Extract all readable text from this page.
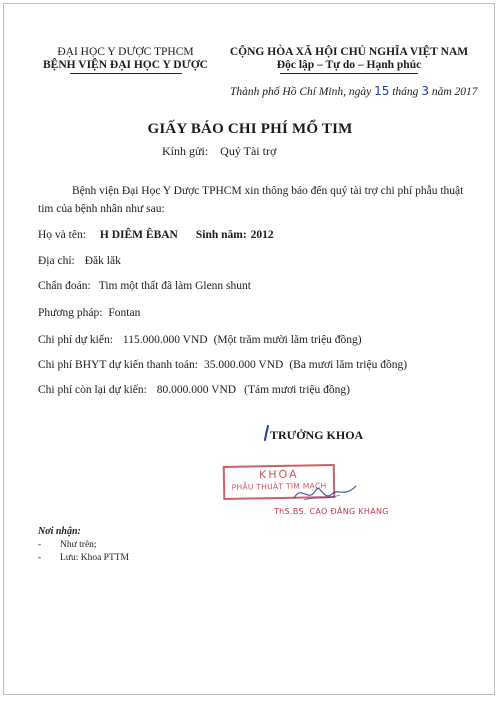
ĐẠI HỌC Y DƯỢC TPHCM
BỆNH VIỆN ĐẠI HỌC Y DƯỢC
CỘNG HÒA XÃ HỘI CHỦ NGHĨA VIỆT NAM
Độc lập – Tự do – Hạnh phúc
Thành phố Hồ Chí Minh, ngày 15 tháng 3 năm 2017
GIẤY BÁO CHI PHÍ MỔ TIM
Kính gửi: Quý Tài trợ
Bệnh viện Đại Học Y Dược TPHCM xin thông báo đến quý tài trợ chi phí phẫu thuật tim của bệnh nhân như sau:
Họ và tên: H DIÊM ÊBAN Sinh năm: 2012
Địa chỉ: Đăk lăk
Chẩn đoán: Tim một thất đã làm Glenn shunt
Phương pháp: Fontan
Chi phí dự kiến: 115.000.000 VND (Một trăm mười lăm triệu đồng)
Chi phí BHYT dự kiến thanh toán: 35.000.000 VND (Ba mươi lăm triệu đồng)
Chi phí còn lại dự kiến: 80.000.000 VND (Tám mươi triệu đồng)
TRƯỞNG KHOA
KHOA
PHẪU THUẬT TIM MẠCH
ThS.BS. CAO ĐĂNG KHANG
Nơi nhận:
- Như trên;
- Lưu: Khoa PTTM
